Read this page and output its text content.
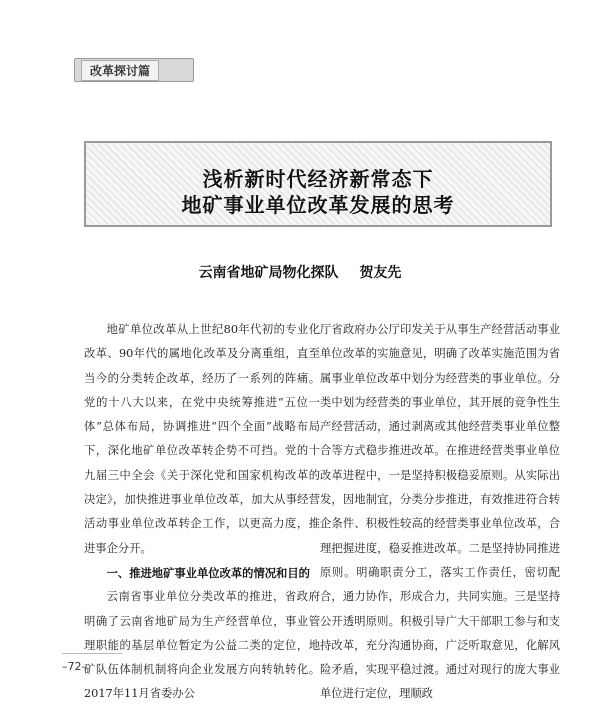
改革探讨篇
浅析新时代经济新常态下
地矿事业单位改革发展的思考
云南省地矿局物化探队 贺友先

地矿单位改革从上世纪80年代初的专业化改革、90年代的属地化改革及分离重组，直至当今的分类转企改革，经历了一系列的阵痛。党的十八大以来，在党中央统筹推进“五位一体”总体布局，协调推进“四个全面”战略布局下，深化地矿单位改革转企势不可挡。党的十九届三中全会《关于深化党和国家机构改革的决定》，加快推进事业单位改革，加大从事经营活动事业单位改革转企工作，以更高力度，推进事企分开。

一、推进地矿事业单位改革的情况和目的

云南省事业单位分类改革的推进，省政府明确了云南省地矿局为生产经营单位，事业管理职能的基层单位暂定为公益二类的定位，地矿队伍体制机制将向企业发展方向转轨转化。2017年11月省委办公

厅省政府办公厅印发关于从事生产经营活动事业单位改革的实施意见，明确了改革实施范围为省属事业单位改革中划分为经营类的事业单位。分类中划为经营类的事业单位，其开展的竞争性生产经营活动，通过剥离或其他经营类事业单位整合等方式稳步推进改革。在推进经营类事业单位改革进程中，一是坚持积极稳妥原则。从实际出发，因地制宜，分类分步推进，有效推进符合转企条件、积极性较高的经营类事业单位改革，合理把握进度，稳妥推进改革。二是坚持协同推进原则。明确职责分工，落实工作责任，密切配合，通力协作，形成合力，共同实施。三是坚持公开透明原则。积极引导广大干部职工参与和支持改革，充分沟通协商，广泛听取意见，化解风险矛盾，实现平稳过渡。通过对现行的庞大事业单位进行定位，理顺政

–72–
